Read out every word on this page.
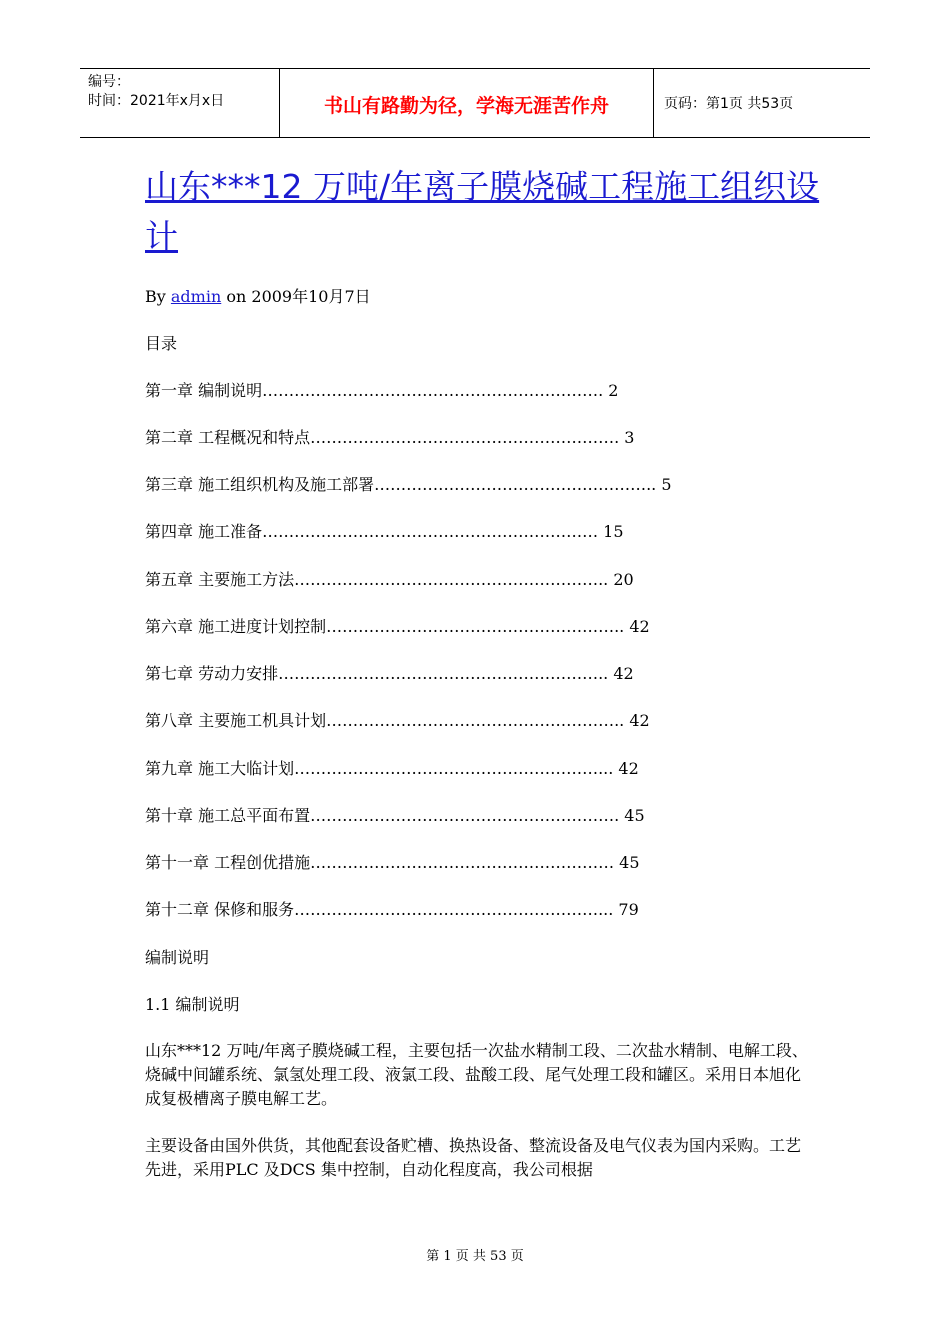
编号：
时间：2021年x月x日	书山有路勤为径，学海无涯苦作舟	页码：第1页 共53页
山东***12 万吨/年离子膜烧碱工程施工组织设计
By admin on 2009年10月7日
目录
第一章 编制说明………………………………………………………. 2
第二章 工程概况和特点…………………………………………………. 3
第三章 施工组织机构及施工部署…………………………………………….. 5
第四章 施工准备……………………………………………………… 15
第五章 主要施工方法………………………………………………….. 20
第六章 施工进度计划控制……………………………………………….. 42
第七章 劳动力安排…………………………………………………….. 42
第八章 主要施工机具计划……………………………………………….. 42
第九章 施工大临计划…………………………………………………... 42
第十章 施工总平面布置…………………………………………………. 45
第十一章 工程创优措施………………………………………………… 45
第十二章 保修和服务…………………………………………………... 79
编制说明
1.1 编制说明
山东***12 万吨/年离子膜烧碱工程，主要包括一次盐水精制工段、二次盐水精制、电解工段、烧碱中间罐系统、氯氢处理工段、液氯工段、盐酸工段、尾气处理工段和罐区。采用日本旭化成复极槽离子膜电解工艺。
主要设备由国外供货，其他配套设备贮槽、换热设备、整流设备及电气仪表为国内采购。工艺先进，采用PLC 及DCS 集中控制，自动化程度高，我公司根据
第 1 页 共 53 页
